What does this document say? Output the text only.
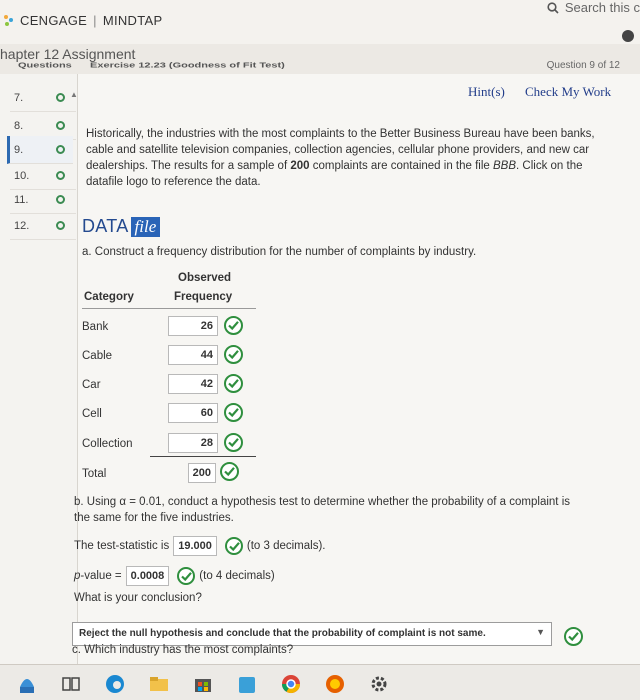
CENGAGE | MINDTAP
Search this c
hapter 12 Assignment
Questions Exercise 12.23 (Goodness of Fit Test)	Question 9 of 12
▲
7.
8.
9.
10.
11.
12.
Hint(s) Check My Work
Historically, the industries with the most complaints to the Better Business Bureau have been banks,
cable and satellite television companies, collection agencies, cellular phone providers, and new car
dealerships. The results for a sample of 200 complaints are contained in the file BBB. Click on the
datafile logo to reference the data.
DATA file
a. Construct a frequency distribution for the number of complaints by industry.
Observed
Category	Frequency
Bank	26
Cable	44
Car	42
Cell	60
Collection	28
Total	200
b. Using α = 0.01, conduct a hypothesis test to determine whether the probability of a complaint is
the same for the five industries.
The test-statistic is 19.000	(to 3 decimals).
p -value = 0.0008	(to 4 decimals)
What is your conclusion?
Reject the null hypothesis and conclude that the probability of complaint is not same.	▼
c. Which industry has the most complaints?
